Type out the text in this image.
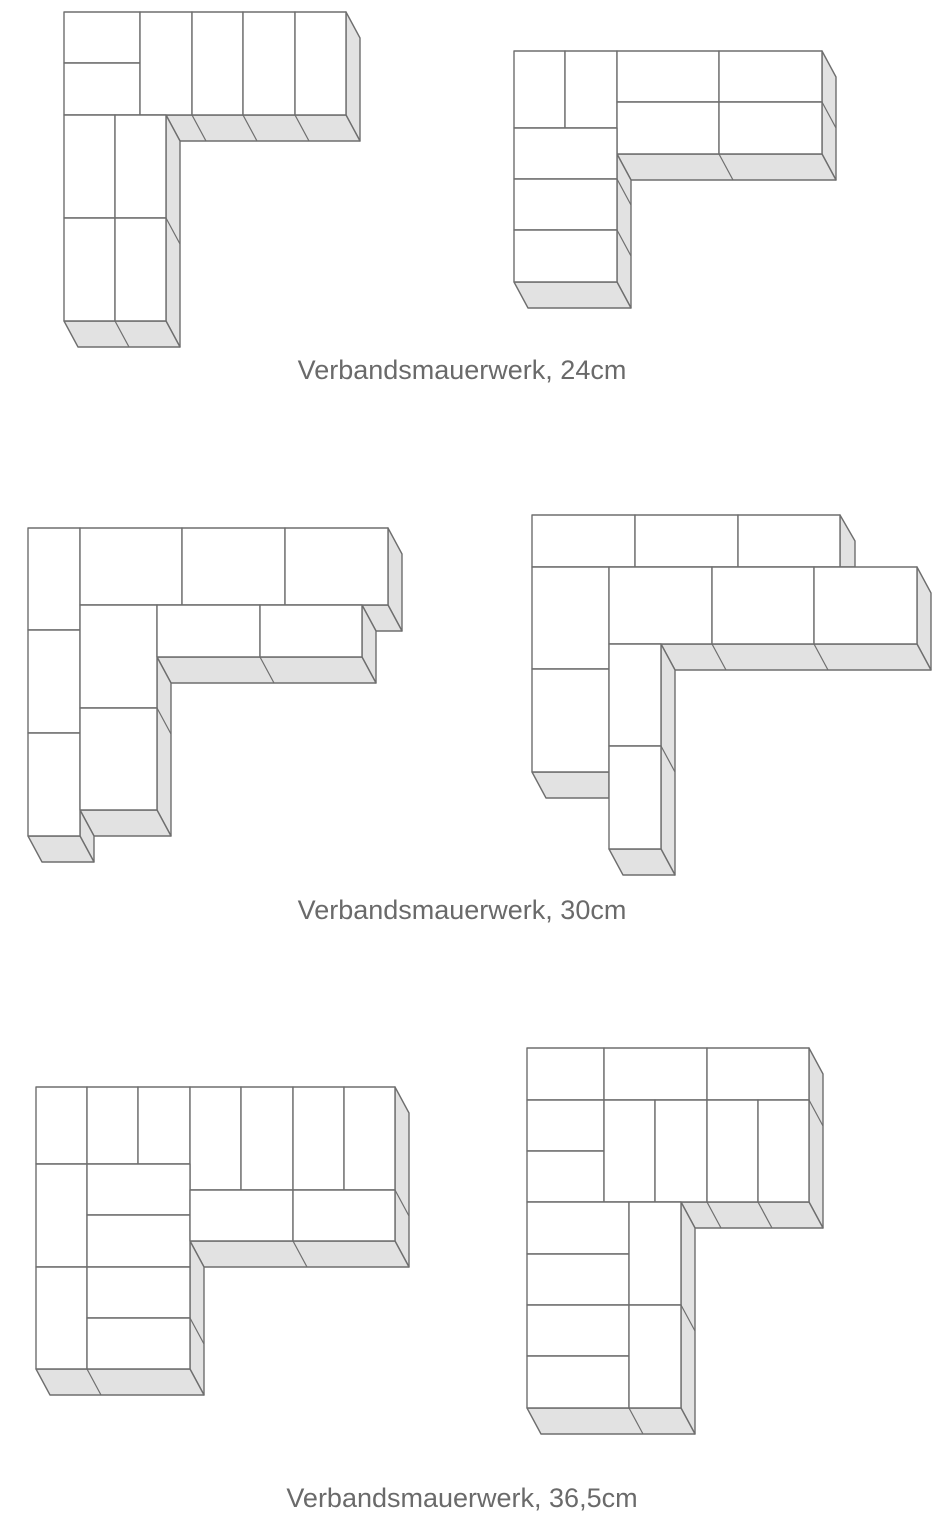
Verbandsmauerwerk, 24cm
Verbandsmauerwerk, 30cm
Verbandsmauerwerk, 36,5cm
